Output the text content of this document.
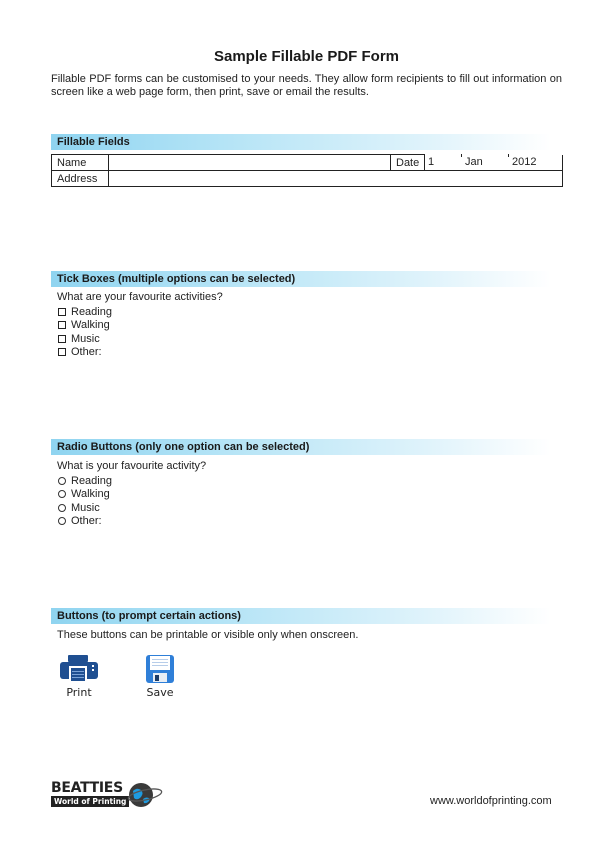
Sample Fillable PDF Form
Fillable PDF forms can be customised to your needs. They allow form recipients to fill out information on screen like a web page form, then print, save or email the results.
Fillable Fields
Name		Date	1 Jan 2012

Address			
Tick Boxes (multiple options can be selected)
What are your favourite activities?
Reading
Walking
Music
Other:
Radio Buttons (only one option can be selected)
What is your favourite activity?
Reading
Walking
Music
Other:
Buttons (to prompt certain actions)
These buttons can be printable or visible only when onscreen.
Print	Save
BEATTIES
World of Printing	www.worldofprinting.com
